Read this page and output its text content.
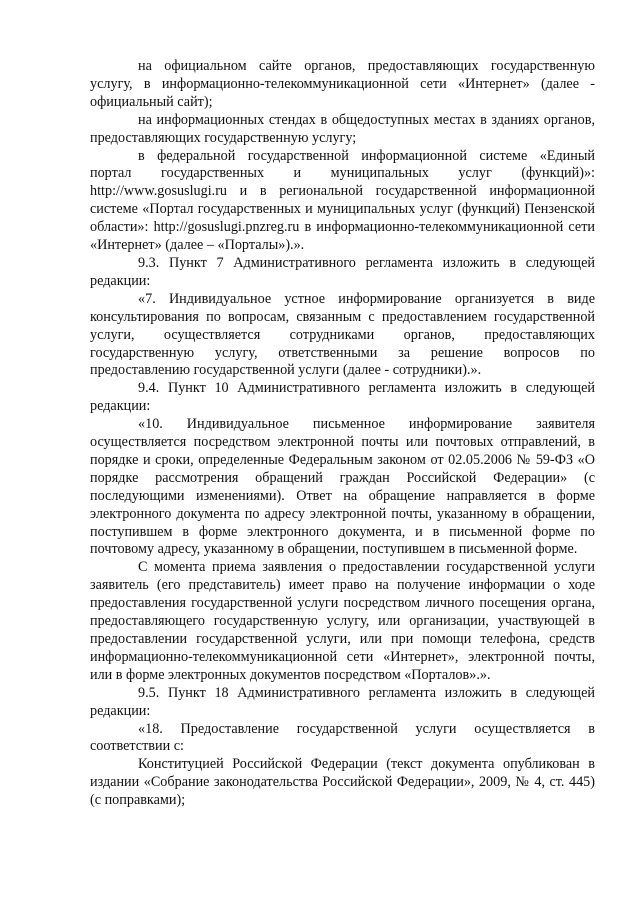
на официальном сайте органов, предоставляющих государственную услугу, в информационно-телекоммуникационной сети «Интернет» (далее - официальный сайт);

на информационных стендах в общедоступных местах в зданиях органов, предоставляющих государственную услугу;

в федеральной государственной информационной системе «Единый портал государственных и муниципальных услуг (функций)»: http://www.gosuslugi.ru и в региональной государственной информационной системе «Портал государственных и муниципальных услуг (функций) Пензенской области»: http://gosuslugi.pnzreg.ru в информационно-телекоммуникационной сети «Интернет» (далее – «Порталы»).».

9.3. Пункт 7 Административного регламента изложить в следующей редакции:

«7. Индивидуальное устное информирование организуется в виде консультирования по вопросам, связанным с предоставлением государственной услуги, осуществляется сотрудниками органов, предоставляющих государственную услугу, ответственными за решение вопросов по предоставлению государственной услуги (далее - сотрудники).».

9.4. Пункт 10 Административного регламента изложить в следующей редакции:

«10. Индивидуальное письменное информирование заявителя осуществляется посредством электронной почты или почтовых отправлений, в порядке и сроки, определенные Федеральным законом от 02.05.2006 № 59-ФЗ «О порядке рассмотрения обращений граждан Российской Федерации» (с последующими изменениями). Ответ на обращение направляется в форме электронного документа по адресу электронной почты, указанному в обращении, поступившем в форме электронного документа, и в письменной форме по почтовому адресу, указанному в обращении, поступившем в письменной форме.

С момента приема заявления о предоставлении государственной услуги заявитель (его представитель) имеет право на получение информации о ходе предоставления государственной услуги посредством личного посещения органа, предоставляющего государственную услугу, или организации, участвующей в предоставлении государственной услуги, или при помощи телефона, средств информационно-телекоммуникационной сети «Интернет», электронной почты, или в форме электронных документов посредством «Порталов».».

9.5. Пункт 18 Административного регламента изложить в следующей редакции:

«18. Предоставление государственной услуги осуществляется в соответствии с:

Конституцией Российской Федерации (текст документа опубликован в издании «Собрание законодательства Российской Федерации», 2009, № 4, ст. 445) (с поправками);
